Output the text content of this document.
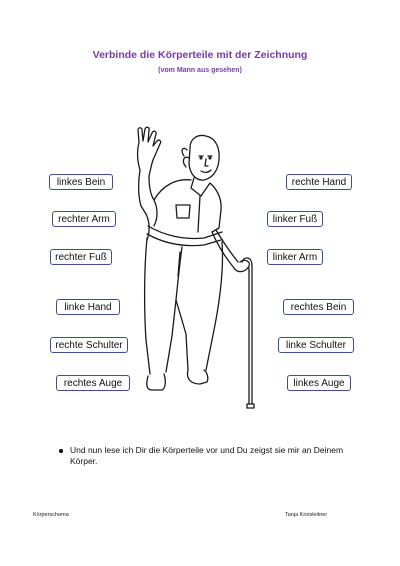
Verbinde die Körperteile mit der Zeichnung
(vom Mann aus gesehen)
linkes Bein
rechter Arm
rechter Fuß
linke Hand
rechte Schulter
rechtes Auge
rechte Hand
linker Fuß
linker Arm
rechtes Bein
linke Schulter
linkes Auge
Und nun lese ich Dir die Körperteile vor und Du zeigst sie mir an Deinem Körper.
Körperschema	Tanja Kroisleitner
